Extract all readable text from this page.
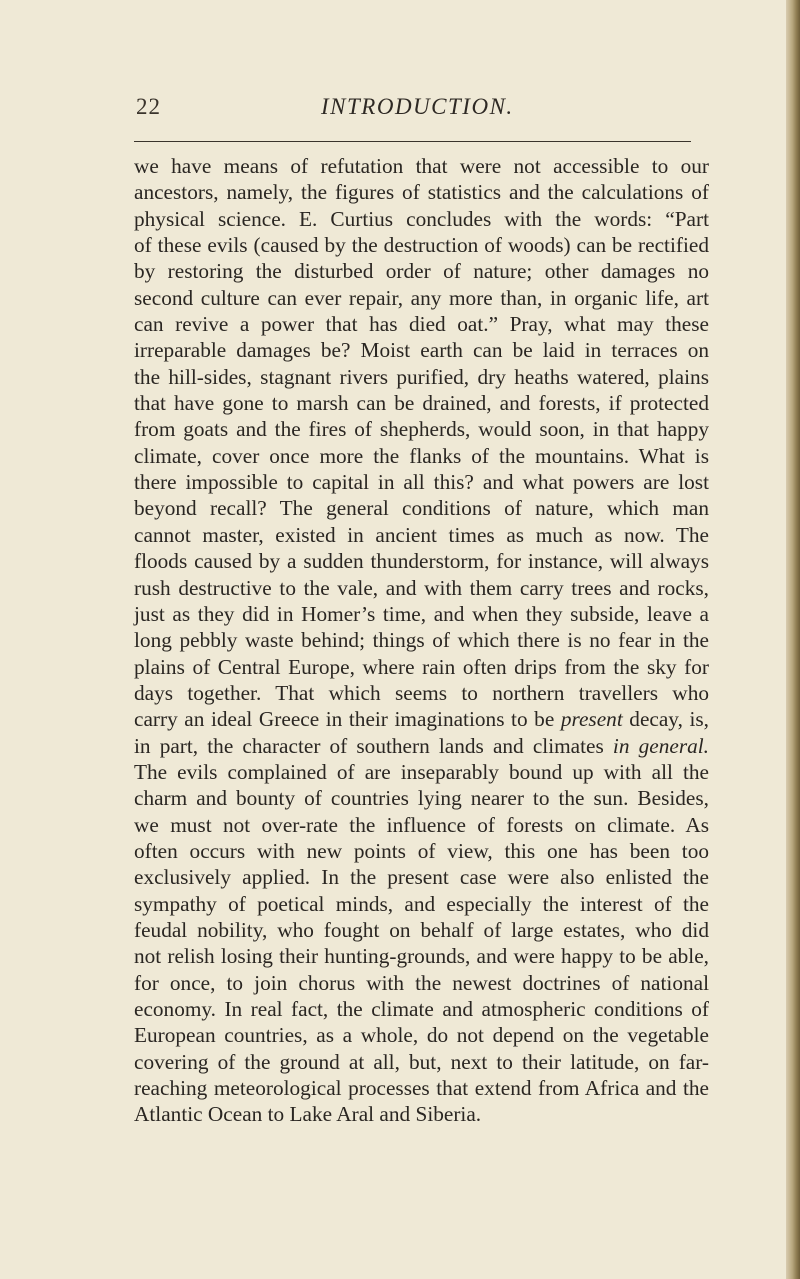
22	INTRODUCTION.
we have means of refutation that were not accessible to our
ancestors, namely, the figures of statistics and the calculations of
physical science. E. Curtius concludes with the words: “Part
of these evils (caused by the destruction of woods) can be rectified
by restoring the disturbed order of nature; other damages no
second culture can ever repair, any more than, in organic life, art
can revive a power that has died oat.” Pray, what may these
irreparable damages be? Moist earth can be laid in terraces on
the hill-sides, stagnant rivers purified, dry heaths watered, plains
that have gone to marsh can be drained, and forests, if protected
from goats and the fires of shepherds, would soon, in that happy
climate, cover once more the flanks of the mountains. What is
there impossible to capital in all this? and what powers are lost
beyond recall? The general conditions of nature, which man
cannot master, existed in ancient times as much as now. The
floods caused by a sudden thunderstorm, for instance, will always
rush destructive to the vale, and with them carry trees and rocks,
just as they did in Homer’s time, and when they subside, leave a
long pebbly waste behind; things of which there is no fear in the
plains of Central Europe, where rain often drips from the sky for
days together. That which seems to northern travellers who
carry an ideal Greece in their imaginations to be present decay, is,
in part, the character of southern lands and climates in general.
The evils complained of are inseparably bound up with all the
charm and bounty of countries lying nearer to the sun. Besides,
we must not over-rate the influence of forests on climate. As
often occurs with new points of view, this one has been too
exclusively applied. In the present case were also enlisted the
sympathy of poetical minds, and especially the interest of the
feudal nobility, who fought on behalf of large estates, who did
not relish losing their hunting-grounds, and were happy to be able,
for once, to join chorus with the newest doctrines of national
economy. In real fact, the climate and atmospheric conditions of
European countries, as a whole, do not depend on the vegetable
covering of the ground at all, but, next to their latitude, on far-
reaching meteorological processes that extend from Africa and the
Atlantic Ocean to Lake Aral and Siberia.
